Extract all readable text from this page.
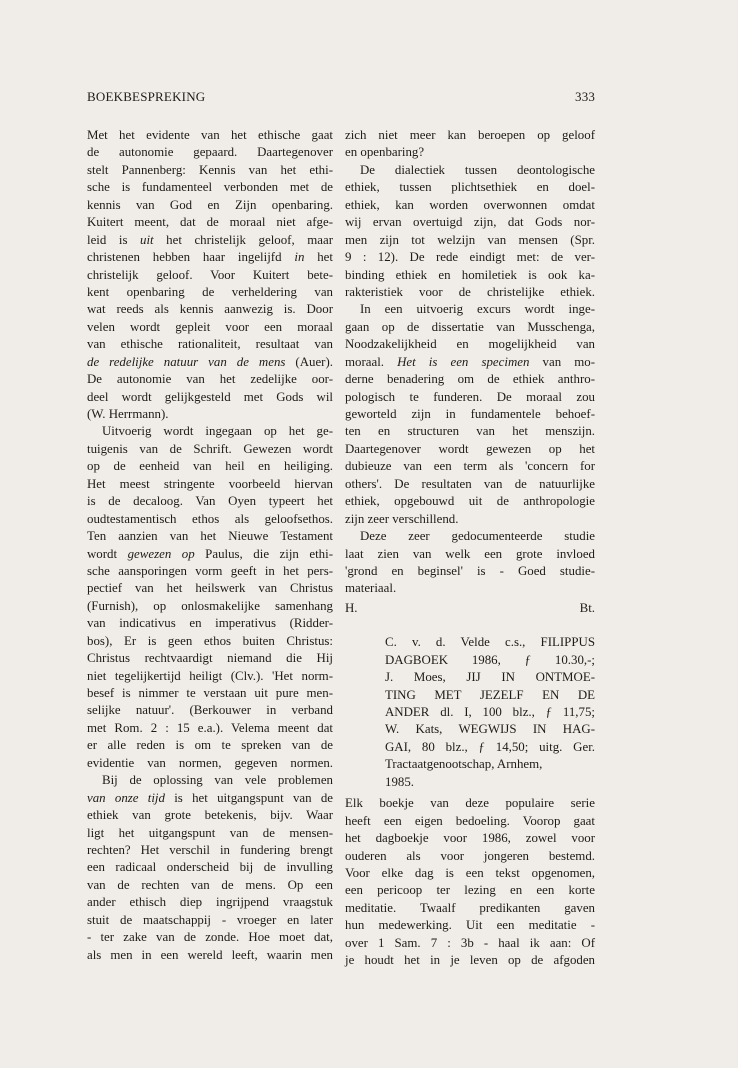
BOEKBESPREKING	333
Met het evidente van het ethische gaat
de autonomie gepaard. Daartegenover
stelt Pannenberg: Kennis van het ethi-
sche is fundamenteel verbonden met de
kennis van God en Zijn openbaring.
Kuitert meent, dat de moraal niet afge-
leid is uit het christelijk geloof, maar
christenen hebben haar ingelijfd in het
christelijk geloof. Voor Kuitert bete-
kent openbaring de verheldering van
wat reeds als kennis aanwezig is. Door
velen wordt gepleit voor een moraal
van ethische rationaliteit, resultaat van
de redelijke natuur van de mens (Auer).
De autonomie van het zedelijke oor-
deel wordt gelijkgesteld met Gods wil
(W. Herrmann).
Uitvoerig wordt ingegaan op het ge-
tuigenis van de Schrift. Gewezen wordt
op de eenheid van heil en heiliging.
Het meest stringente voorbeeld hiervan
is de decaloog. Van Oyen typeert het
oudtestamentisch ethos als geloofsethos.
Ten aanzien van het Nieuwe Testament
wordt gewezen op Paulus, die zijn ethi-
sche aansporingen vorm geeft in het pers-
pectief van het heilswerk van Christus
(Furnish), op onlosmakelijke samenhang
van indicativus en imperativus (Ridder-
bos), Er is geen ethos buiten Christus:
Christus rechtvaardigt niemand die Hij
niet tegelijkertijd heiligt (Clv.). 'Het norm-
besef is nimmer te verstaan uit pure men-
selijke natuur'. (Berkouwer in verband
met Rom. 2 : 15 e.a.). Velema meent dat
er alle reden is om te spreken van de
evidentie van normen, gegeven normen.
Bij de oplossing van vele problemen
van onze tijd is het uitgangspunt van de
ethiek van grote betekenis, bijv. Waar
ligt het uitgangspunt van de mensen-
rechten? Het verschil in fundering brengt
een radicaal onderscheid bij de invulling
van de rechten van de mens. Op een
ander ethisch diep ingrijpend vraagstuk
stuit de maatschappij - vroeger en later
- ter zake van de zonde. Hoe moet dat,
als men in een wereld leeft, waarin men
zich niet meer kan beroepen op geloof
en openbaring?
De dialectiek tussen deontologische
ethiek, tussen plichtsethiek en doel-
ethiek, kan worden overwonnen omdat
wij ervan overtuigd zijn, dat Gods nor-
men zijn tot welzijn van mensen (Spr.
9 : 12). De rede eindigt met: de ver-
binding ethiek en homiletiek is ook ka-
rakteristiek voor de christelijke ethiek.
In een uitvoerig excurs wordt inge-
gaan op de dissertatie van Musschenga,
Noodzakelijkheid en mogelijkheid van
moraal. Het is een specimen van mo-
derne benadering om de ethiek anthro-
pologisch te funderen. De moraal zou
geworteld zijn in fundamentele behoef-
ten en structuren van het menszijn.
Daartegenover wordt gewezen op het
dubieuze van een term als 'concern for
others'. De resultaten van de natuurlijke
ethiek, opgebouwd uit de anthropologie
zijn zeer verschillend.
Deze zeer gedocumenteerde studie
laat zien van welk een grote invloed
'grond en beginsel' is - Goed studie-
materiaal.
H.	Bt.
C. v. d. Velde c.s., FILIPPUS
DAGBOEK 1986, ƒ 10.30,-;
J. Moes, JIJ IN ONTMOE-
TING MET JEZELF EN DE
ANDER dl. I, 100 blz., ƒ 11,75;
W. Kats, WEGWIJS IN HAG-
GAI, 80 blz., ƒ 14,50; uitg. Ger.
Tractaatgenootschap, Arnhem,
1985.
Elk boekje van deze populaire serie
heeft een eigen bedoeling. Voorop gaat
het dagboekje voor 1986, zowel voor
ouderen als voor jongeren bestemd.
Voor elke dag is een tekst opgenomen,
een pericoop ter lezing en een korte
meditatie. Twaalf predikanten gaven
hun medewerking. Uit een meditatie -
over 1 Sam. 7 : 3b - haal ik aan: Of
je houdt het in je leven op de afgoden
